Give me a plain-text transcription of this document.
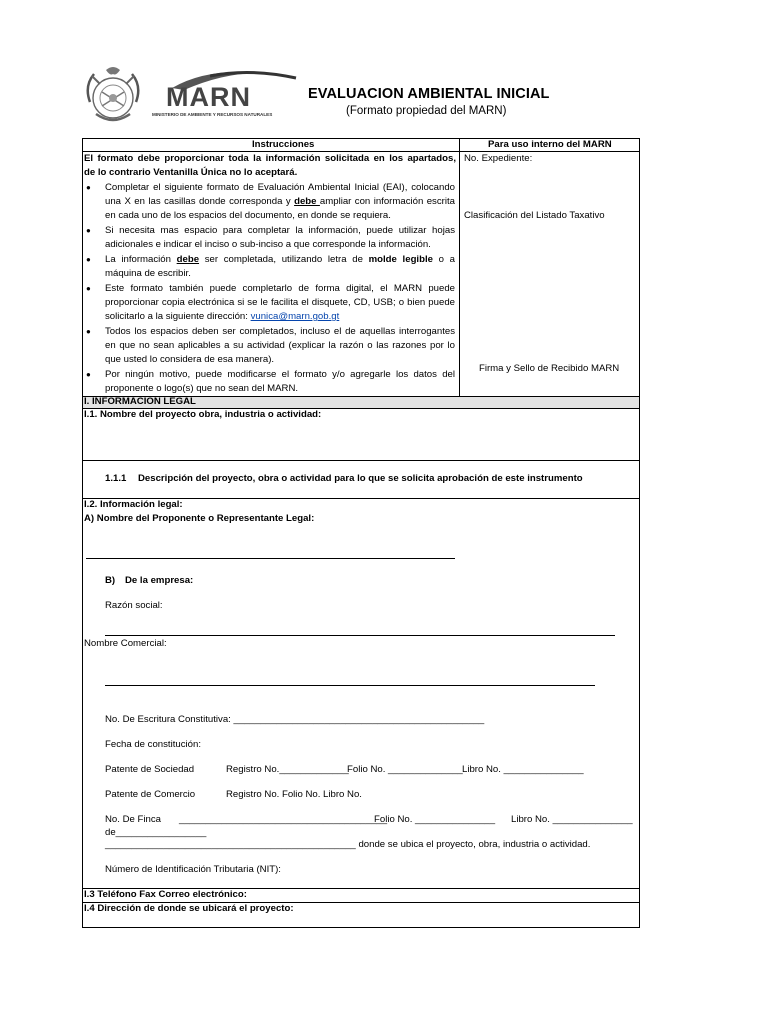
MARN
MINISTERIO DE AMBIENTE Y RECURSOS NATURALES
EVALUACION AMBIENTAL INICIAL
(Formato propiedad del MARN)
Instrucciones
El formato debe proporcionar toda la información solicitada en los apartados,
de lo contrario Ventanilla Única no lo aceptará.
● Completar el siguiente formato de Evaluación Ambiental Inicial (EAI), colocando
una X en las casillas donde corresponda y debe ampliar con información escrita
en cada uno de los espacios del documento, en donde se requiera.
● Si necesita mas espacio para completar la información, puede utilizar hojas
adicionales e indicar el inciso o sub-inciso a que corresponde la información.
● La información debe ser completada, utilizando letra de molde legible o a
máquina de escribir.
● Este formato también puede completarlo de forma digital, el MARN puede
proporcionar copia electrónica si se le facilita el disquete, CD, USB; o bien puede
solicitarlo a la siguiente dirección: vunica@marn.gob.gt
● Todos los espacios deben ser completados, incluso el de aquellas interrogantes
en que no sean aplicables a su actividad (explicar la razón o las razones por lo
que usted lo considera de esa manera).
● Por ningún motivo, puede modificarse el formato y/o agregarle los datos del
proponente o logo(s) que no sean del MARN.
Para uso interno del MARN
No. Expediente:
Clasificación del Listado Taxativo
Firma y Sello de Recibido MARN
I. INFORMACION LEGAL
I.1. Nombre del proyecto obra, industria o actividad:
1.1.1 Descripción del proyecto, obra o actividad para lo que se solicita aprobación de este instrumento
I.2. Información legal:
A) Nombre del Proponente o Representante Legal:
B) De la empresa:
Razón social:
Nombre Comercial:
No. De Escritura Constitutiva: _______________________________________________
Fecha de constitución:
Patente de Sociedad	Registro No._____________
Folio No. ______________ Libro No. _______________
Patente de Comercio	Registro No. Folio No. Libro No.
No. De Finca _______________________________________
Folio No. _______________ Libro No. _______________
de_________________
_______________________________________________ donde se ubica el proyecto, obra, industria o actividad.
Número de Identificación Tributaria (NIT):
I.3 Teléfono Fax Correo electrónico:
I.4 Dirección de donde se ubicará el proyecto:
